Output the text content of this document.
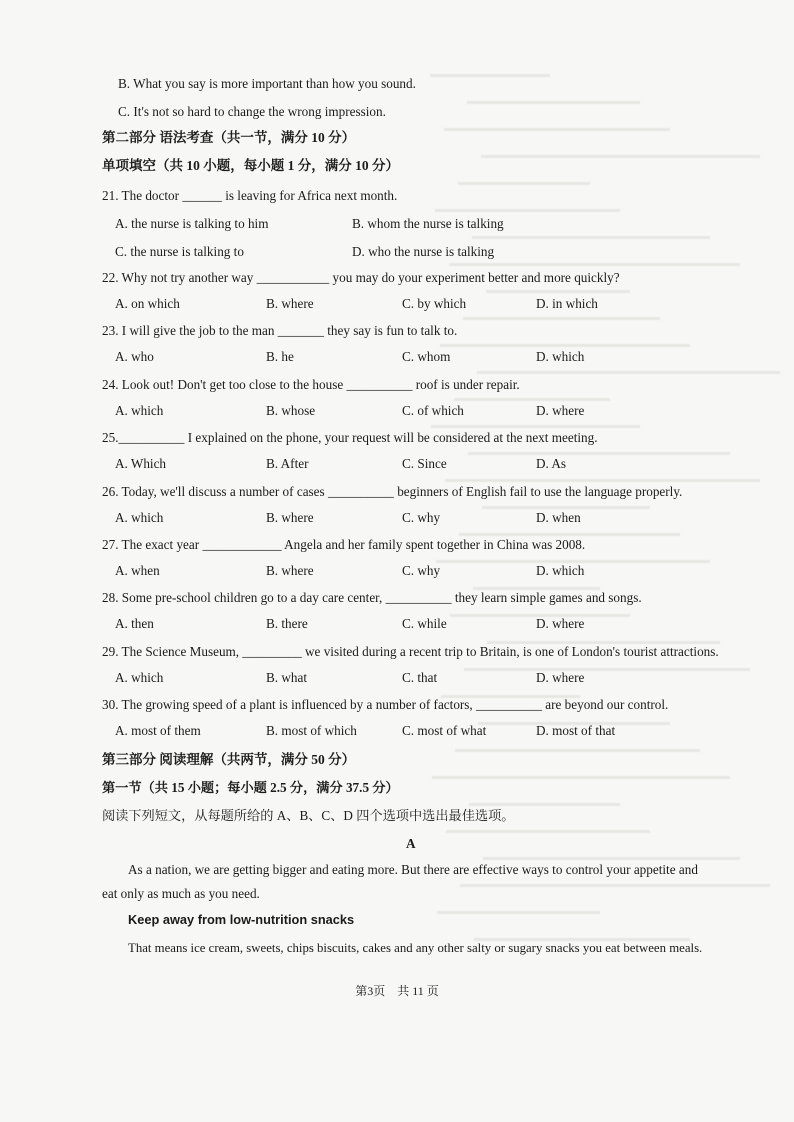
B. What you say is more important than how you sound.
C. It's not so hard to change the wrong impression.
第二部分 语法考查（共一节，满分 10 分）
单项填空（共 10 小题，每小题 1 分，满分 10 分）
21. The doctor ______ is leaving for Africa next month.
A. the nurse is talking to him	B. whom the nurse is talking
C. the nurse is talking to	D. who the nurse is talking
22. Why not try another way ___________ you may do your experiment better and more quickly?
A. on which	B. where	C. by which	D. in which
23. I will give the job to the man _______ they say is fun to talk to.
A. who	B. he	C. whom	D. which
24. Look out! Don't get too close to the house __________ roof is under repair.
A. which	B. whose	C. of which	D. where
25.__________ I explained on the phone, your request will be considered at the next meeting.
A. Which	B. After	C. Since	D. As
26. Today, we'll discuss a number of cases __________ beginners of English fail to use the language properly.
A. which	B. where	C. why	D. when
27. The exact year ____________ Angela and her family spent together in China was 2008.
A. when	B. where	C. why	D. which
28. Some pre-school children go to a day care center, __________ they learn simple games and songs.
A. then	B. there	C. while	D. where
29. The Science Museum, _________ we visited during a recent trip to Britain, is one of London's tourist attractions.
A. which	B. what	C. that	D. where
30. The growing speed of a plant is influenced by a number of factors, __________ are beyond our control.
A. most of them	B. most of which	C. most of what	D. most of that
第三部分 阅读理解（共两节，满分 50 分）
第一节（共 15 小题；每小题 2.5 分，满分 37.5 分）
阅读下列短文，从每题所给的 A、B、C、D 四个选项中选出最佳选项。
A
As a nation, we are getting bigger and eating more. But there are effective ways to control your appetite and
eat only as much as you need.
Keep away from low-nutrition snacks
That means ice cream, sweets, chips biscuits, cakes and any other salty or sugary snacks you eat between meals.
第3页　共 11 页
